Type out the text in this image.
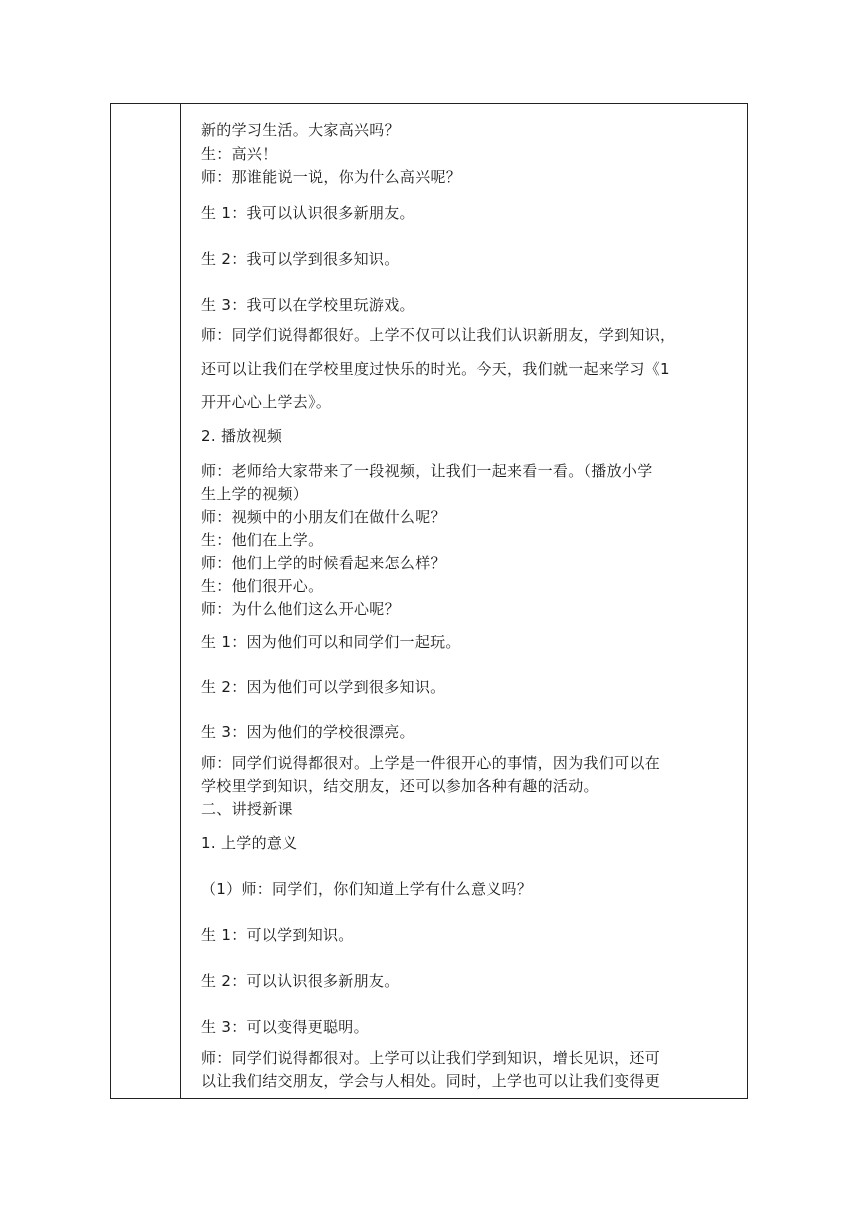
新的学习生活。大家高兴吗？
生：高兴！
师：那谁能说一说，你为什么高兴呢？
生 1：我可以认识很多新朋友。
生 2：我可以学到很多知识。
生 3：我可以在学校里玩游戏。
师：同学们说得都很好。上学不仅可以让我们认识新朋友，学到知识，
还可以让我们在学校里度过快乐的时光。今天，我们就一起来学习《1
开开心心上学去》。
2. 播放视频
师：老师给大家带来了一段视频，让我们一起来看一看。（播放小学
生上学的视频）
师：视频中的小朋友们在做什么呢？
生：他们在上学。
师：他们上学的时候看起来怎么样？
生：他们很开心。
师：为什么他们这么开心呢？
生 1：因为他们可以和同学们一起玩。
生 2：因为他们可以学到很多知识。
生 3：因为他们的学校很漂亮。
师：同学们说得都很对。上学是一件很开心的事情，因为我们可以在
学校里学到知识，结交朋友，还可以参加各种有趣的活动。
二、讲授新课
1. 上学的意义
（1）师：同学们，你们知道上学有什么意义吗？
生 1：可以学到知识。
生 2：可以认识很多新朋友。
生 3：可以变得更聪明。
师：同学们说得都很对。上学可以让我们学到知识，增长见识，还可
以让我们结交朋友，学会与人相处。同时，上学也可以让我们变得更
